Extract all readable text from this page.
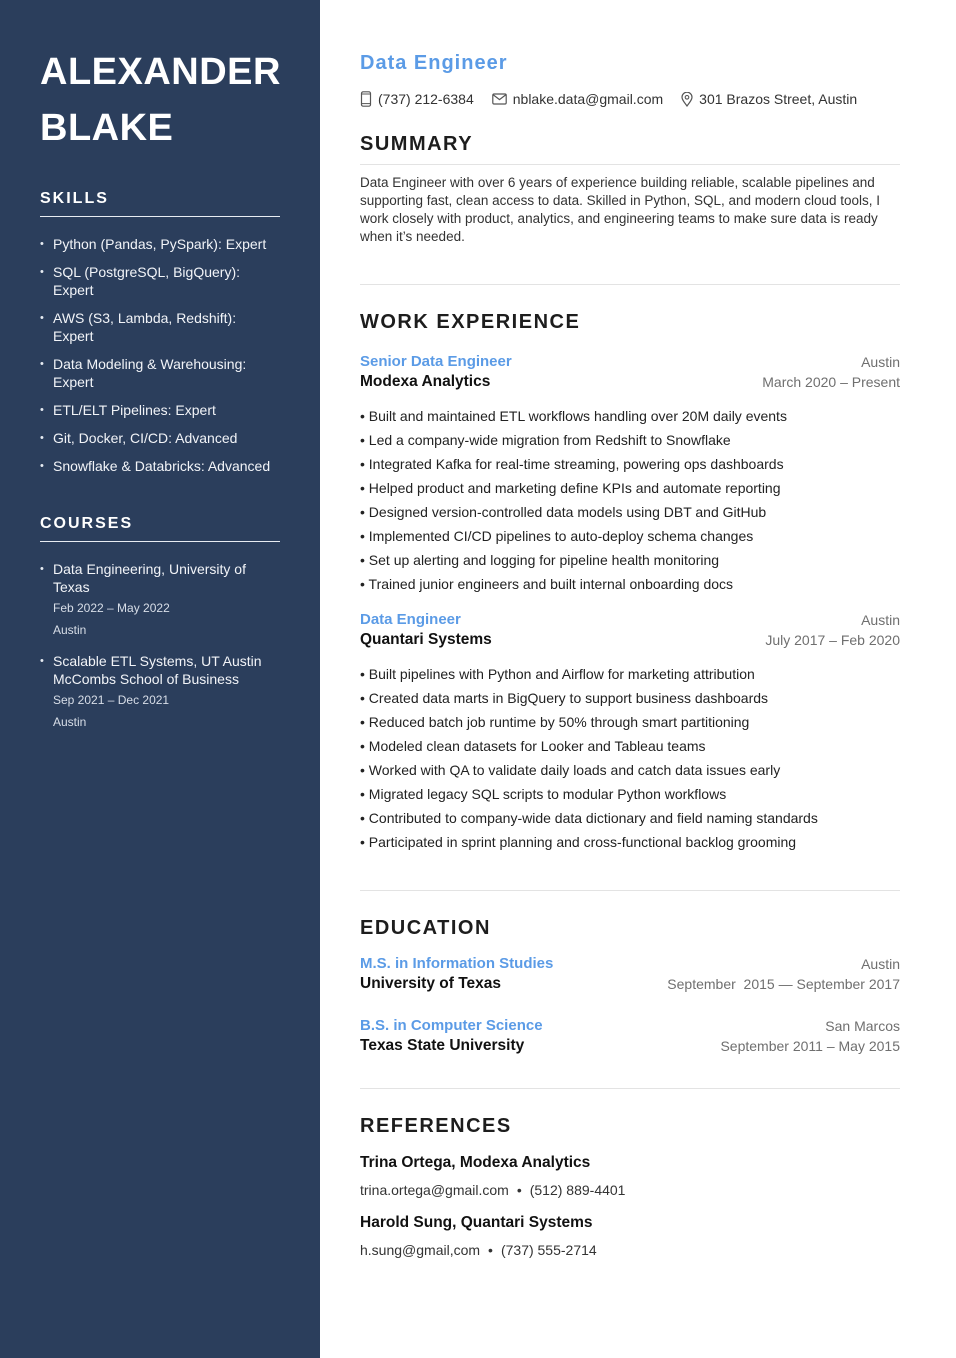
ALEXANDER
BLAKE
SKILLS
• Python (Pandas, PySpark): Expert
• SQL (PostgreSQL, BigQuery): Expert
• AWS (S3, Lambda, Redshift): Expert
• Data Modeling & Warehousing: Expert
• ETL/ELT Pipelines: Expert
• Git, Docker, CI/CD: Advanced
• Snowflake & Databricks: Advanced
COURSES
• Data Engineering, University of Texas
Feb 2022 – May 2022
Austin
• Scalable ETL Systems, UT Austin McCombs School of Business
Sep 2021 – Dec 2021
Austin
Data Engineer
(737) 212-6384	nblake.data@gmail.com	301 Brazos Street, Austin
SUMMARY

Data Engineer with over 6 years of experience building reliable, scalable pipelines and supporting fast, clean access to data. Skilled in Python, SQL, and modern cloud tools, I work closely with product, analytics, and engineering teams to make sure data is ready when it’s needed.

WORK EXPERIENCE
Senior Data Engineer
Modexa Analytics
Austin
March 2020 – Present
• Built and maintained ETL workflows handling over 20M daily events
• Led a company-wide migration from Redshift to Snowflake
• Integrated Kafka for real-time streaming, powering ops dashboards
• Helped product and marketing define KPIs and automate reporting
• Designed version-controlled data models using DBT and GitHub
• Implemented CI/CD pipelines to auto-deploy schema changes
• Set up alerting and logging for pipeline health monitoring
• Trained junior engineers and built internal onboarding docs
Data Engineer
Quantari Systems
Austin
July 2017 – Feb 2020
• Built pipelines with Python and Airflow for marketing attribution
• Created data marts in BigQuery to support business dashboards
• Reduced batch job runtime by 50% through smart partitioning
• Modeled clean datasets for Looker and Tableau teams
• Worked with QA to validate daily loads and catch data issues early
• Migrated legacy SQL scripts to modular Python workflows
• Contributed to company-wide data dictionary and field naming standards
• Participated in sprint planning and cross-functional backlog grooming
EDUCATION
M.S. in Information Studies
University of Texas
Austin
September  2015 — September 2017
B.S. in Computer Science
Texas State University
San Marcos
September 2011 – May 2015
REFERENCES
Trina Ortega, Modexa Analytics
trina.ortega@gmail.com • (512) 889-4401
Harold Sung, Quantari Systems
h.sung@gmail,com • (737) 555-2714
